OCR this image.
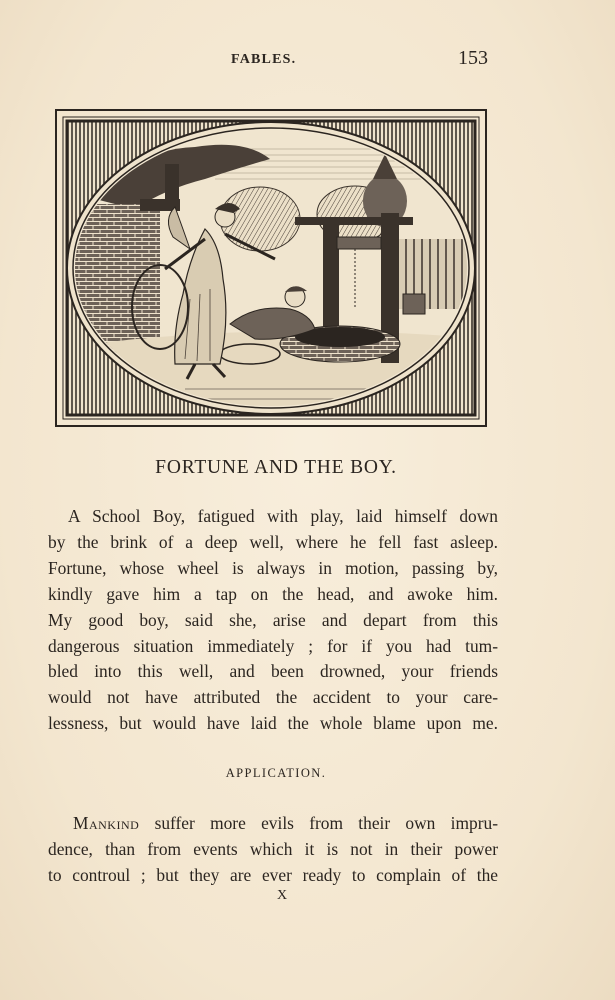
FABLES.	153
FORTUNE AND THE BOY.
A School Boy, fatigued with play, laid himself down
by the brink of a deep well, where he fell fast asleep.
Fortune, whose wheel is always in motion, passing by,
kindly gave him a tap on the head, and awoke him.
My good boy, said she, arise and depart from this
dangerous situation immediately ; for if you had tum-
bled into this well, and been drowned, your friends
would not have attributed the accident to your care-
lessness, but would have laid the whole blame upon me.
APPLICATION.
Mankind suffer more evils from their own impru-
dence, than from events which it is not in their power
to controul ; but they are ever ready to complain of the
X
